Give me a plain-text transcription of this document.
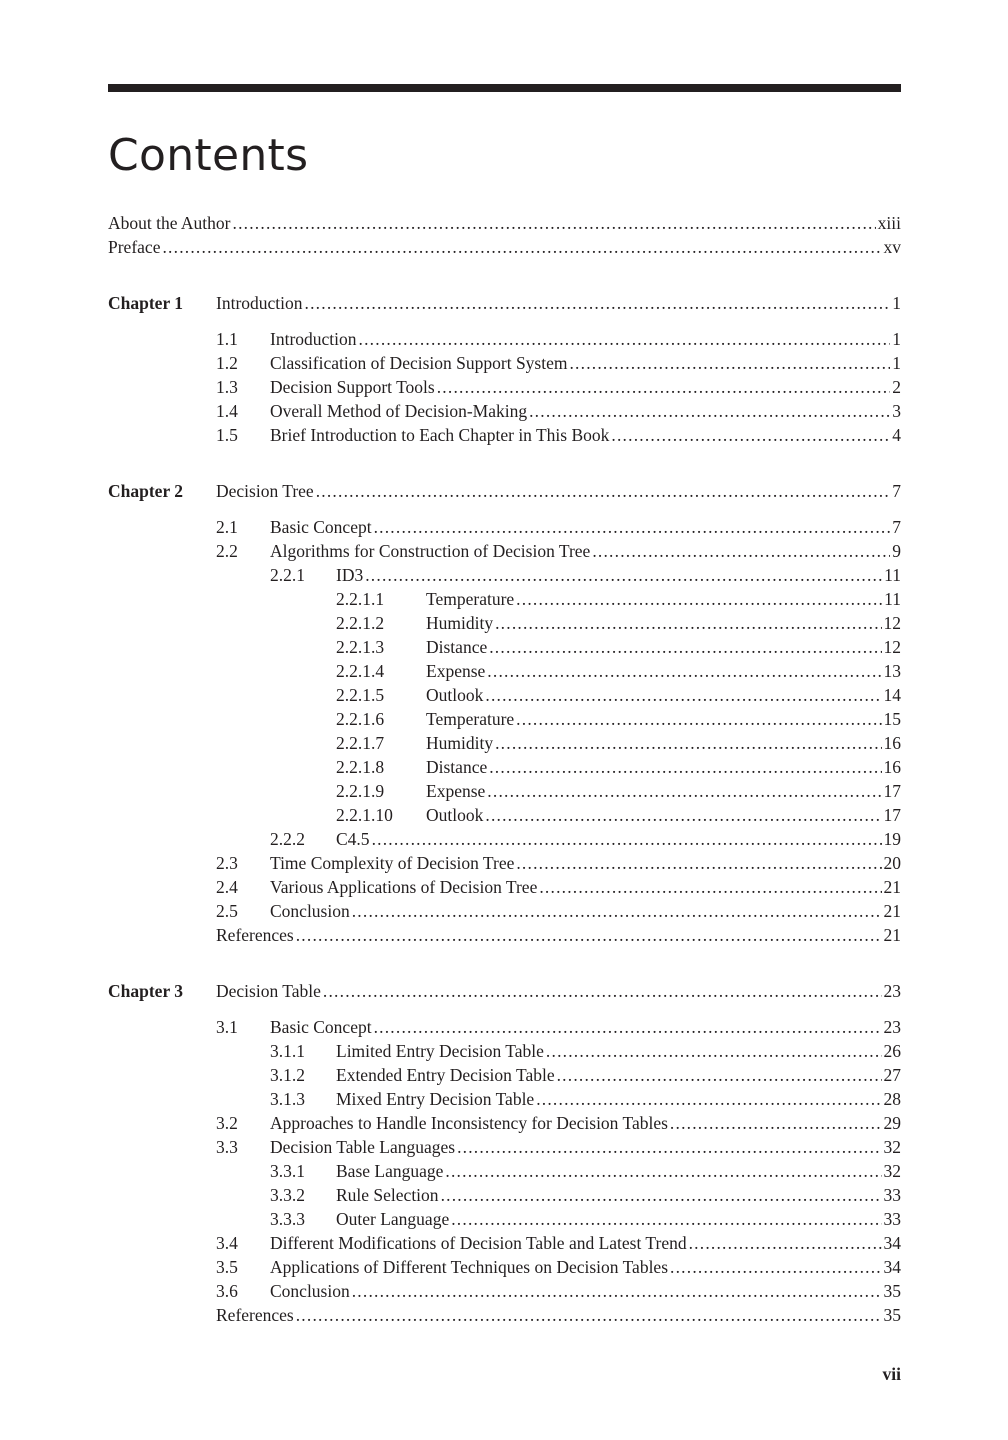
Contents
About the Author .....	xiii
Preface .....	xv
Chapter 1 Introduction .....	1
1.1 Introduction .....	1
1.2 Classification of Decision Support System .....	1
1.3 Decision Support Tools .....	2
1.4 Overall Method of Decision-Making .....	3
1.5 Brief Introduction to Each Chapter in This Book .....	4
Chapter 2 Decision Tree .....	7
2.1 Basic Concept .....	7
2.2 Algorithms for Construction of Decision Tree .....	9
2.2.1 ID3 .....	11
2.2.1.1 Temperature .....	11
2.2.1.2 Humidity .....	12
2.2.1.3 Distance .....	12
2.2.1.4 Expense .....	13
2.2.1.5 Outlook .....	14
2.2.1.6 Temperature .....	15
2.2.1.7 Humidity .....	16
2.2.1.8 Distance .....	16
2.2.1.9 Expense .....	17
2.2.1.10 Outlook .....	17
2.2.2 C4.5 .....	19
2.3 Time Complexity of Decision Tree .....	20
2.4 Various Applications of Decision Tree .....	21
2.5 Conclusion .....	21
References .....	21
Chapter 3 Decision Table .....	23
3.1 Basic Concept .....	23
3.1.1 Limited Entry Decision Table .....	26
3.1.2 Extended Entry Decision Table .....	27
3.1.3 Mixed Entry Decision Table .....	28
3.2 Approaches to Handle Inconsistency for Decision Tables .....	29
3.3 Decision Table Languages .....	32
3.3.1 Base Language .....	32
3.3.2 Rule Selection .....	33
3.3.3 Outer Language .....	33
3.4 Different Modifications of Decision Table and Latest Trend .....	34
3.5 Applications of Different Techniques on Decision Tables .....	34
3.6 Conclusion .....	35
References .....	35
vii
